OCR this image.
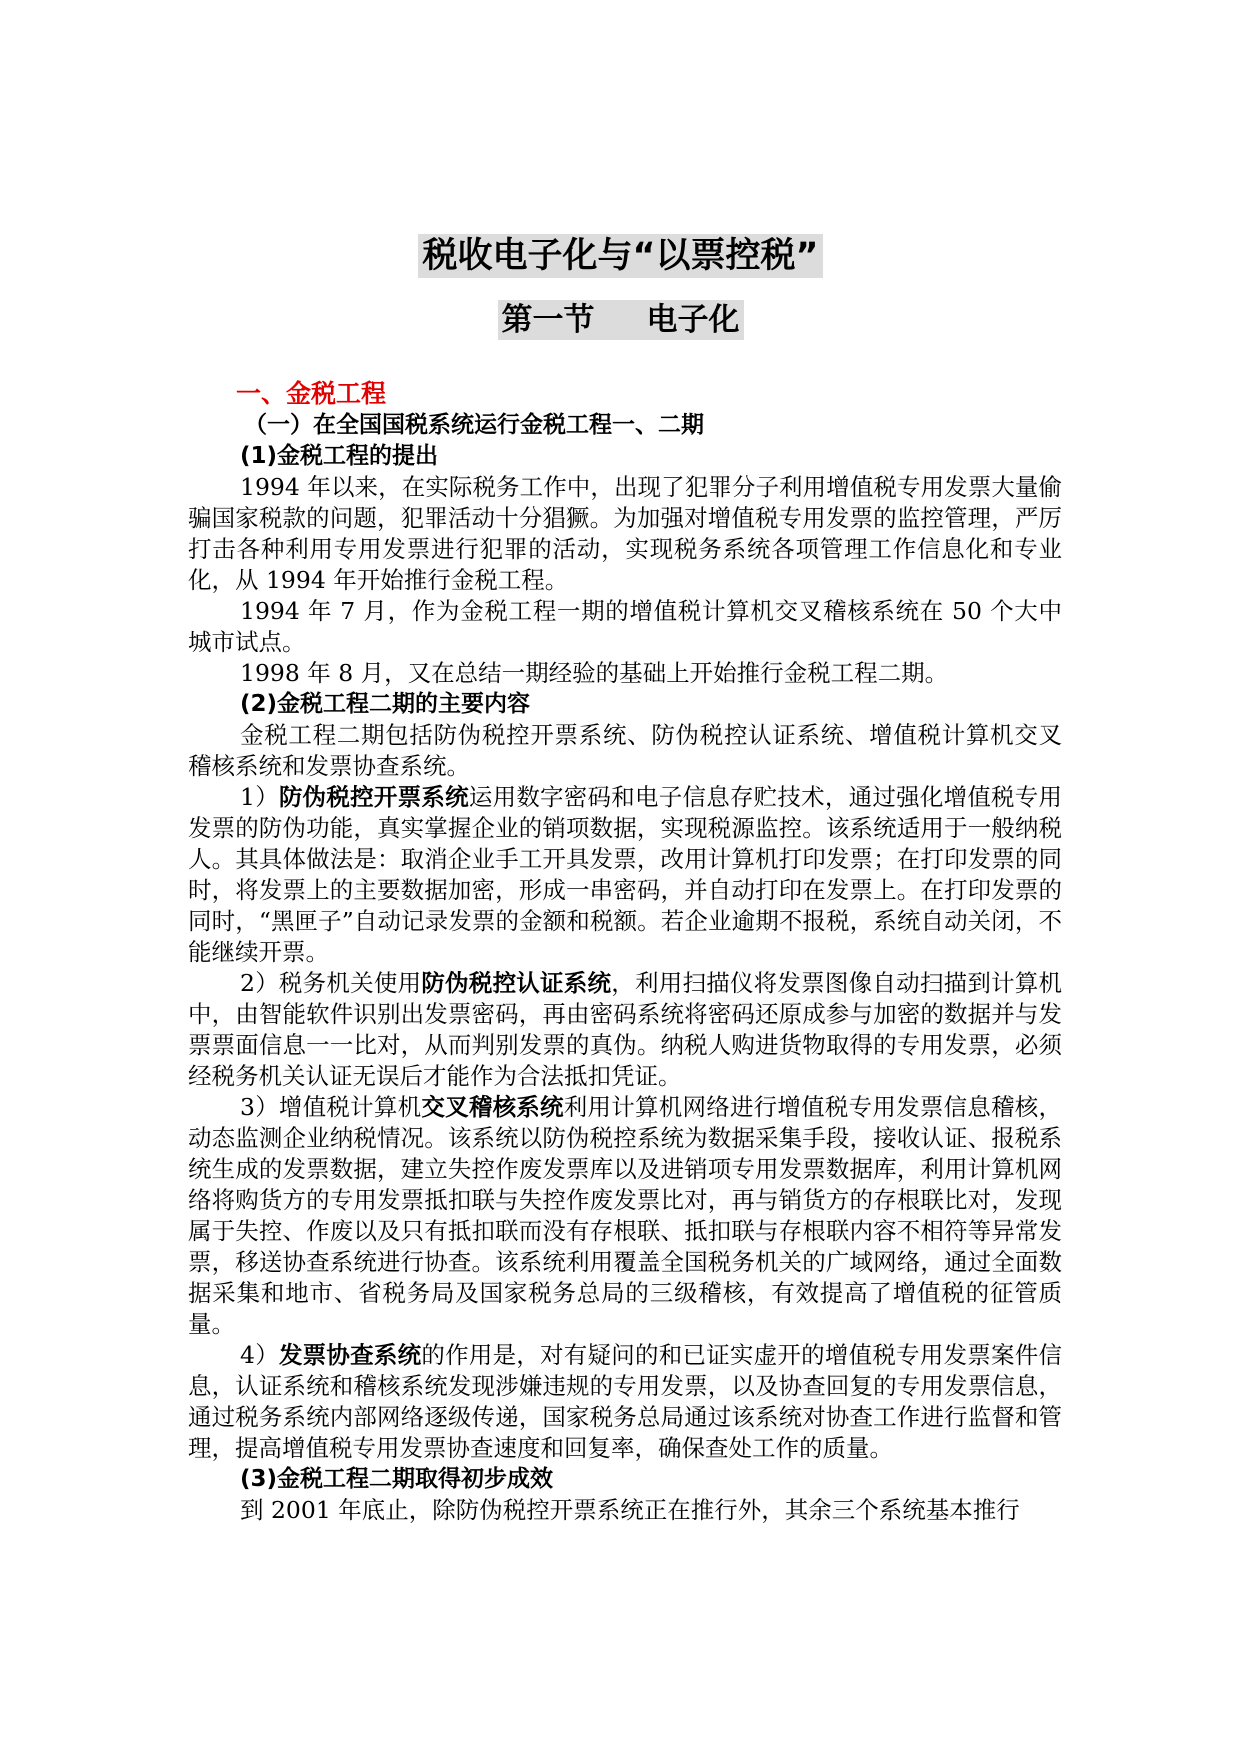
税收电子化与“以票控税”
第一节 电子化
一、金税工程
（一）在全国国税系统运行金税工程一、二期
(1)金税工程的提出

1994 年以来，在实际税务工作中，出现了犯罪分子利用增值税专用发票大量偷骗国家税款的问题，犯罪活动十分猖獗。为加强对增值税专用发票的监控管理，严厉打击各种利用专用发票进行犯罪的活动，实现税务系统各项管理工作信息化和专业化，从 1994 年开始推行金税工程。

1994 年 7 月，作为金税工程一期的增值税计算机交叉稽核系统在 50 个大中城市试点。

1998 年 8 月，又在总结一期经验的基础上开始推行金税工程二期。

(2)金税工程二期的主要内容

金税工程二期包括防伪税控开票系统、防伪税控认证系统、增值税计算机交叉稽核系统和发票协查系统。

1）防伪税控开票系统运用数字密码和电子信息存贮技术，通过强化增值税专用发票的防伪功能，真实掌握企业的销项数据，实现税源监控。该系统适用于一般纳税人。其具体做法是：取消企业手工开具发票，改用计算机打印发票；在打印发票的同时，将发票上的主要数据加密，形成一串密码，并自动打印在发票上。在打印发票的同时，“黑匣子”自动记录发票的金额和税额。若企业逾期不报税，系统自动关闭，不能继续开票。

2）税务机关使用防伪税控认证系统，利用扫描仪将发票图像自动扫描到计算机中，由智能软件识别出发票密码，再由密码系统将密码还原成参与加密的数据并与发票票面信息一一比对，从而判别发票的真伪。纳税人购进货物取得的专用发票，必须经税务机关认证无误后才能作为合法抵扣凭证。

3）增值税计算机交叉稽核系统利用计算机网络进行增值税专用发票信息稽核，动态监测企业纳税情况。该系统以防伪税控系统为数据采集手段，接收认证、报税系统生成的发票数据，建立失控作废发票库以及进销项专用发票数据库，利用计算机网络将购货方的专用发票抵扣联与失控作废发票比对，再与销货方的存根联比对，发现属于失控、作废以及只有抵扣联而没有存根联、抵扣联与存根联内容不相符等异常发票，移送协查系统进行协查。该系统利用覆盖全国税务机关的广域网络，通过全面数据采集和地市、省税务局及国家税务总局的三级稽核，有效提高了增值税的征管质量。

4）发票协查系统的作用是，对有疑问的和已证实虚开的增值税专用发票案件信息，认证系统和稽核系统发现涉嫌违规的专用发票，以及协查回复的专用发票信息，通过税务系统内部网络逐级传递，国家税务总局通过该系统对协查工作进行监督和管理，提高增值税专用发票协查速度和回复率，确保查处工作的质量。

(3)金税工程二期取得初步成效

到 2001 年底止，除防伪税控开票系统正在推行外，其余三个系统基本推行
